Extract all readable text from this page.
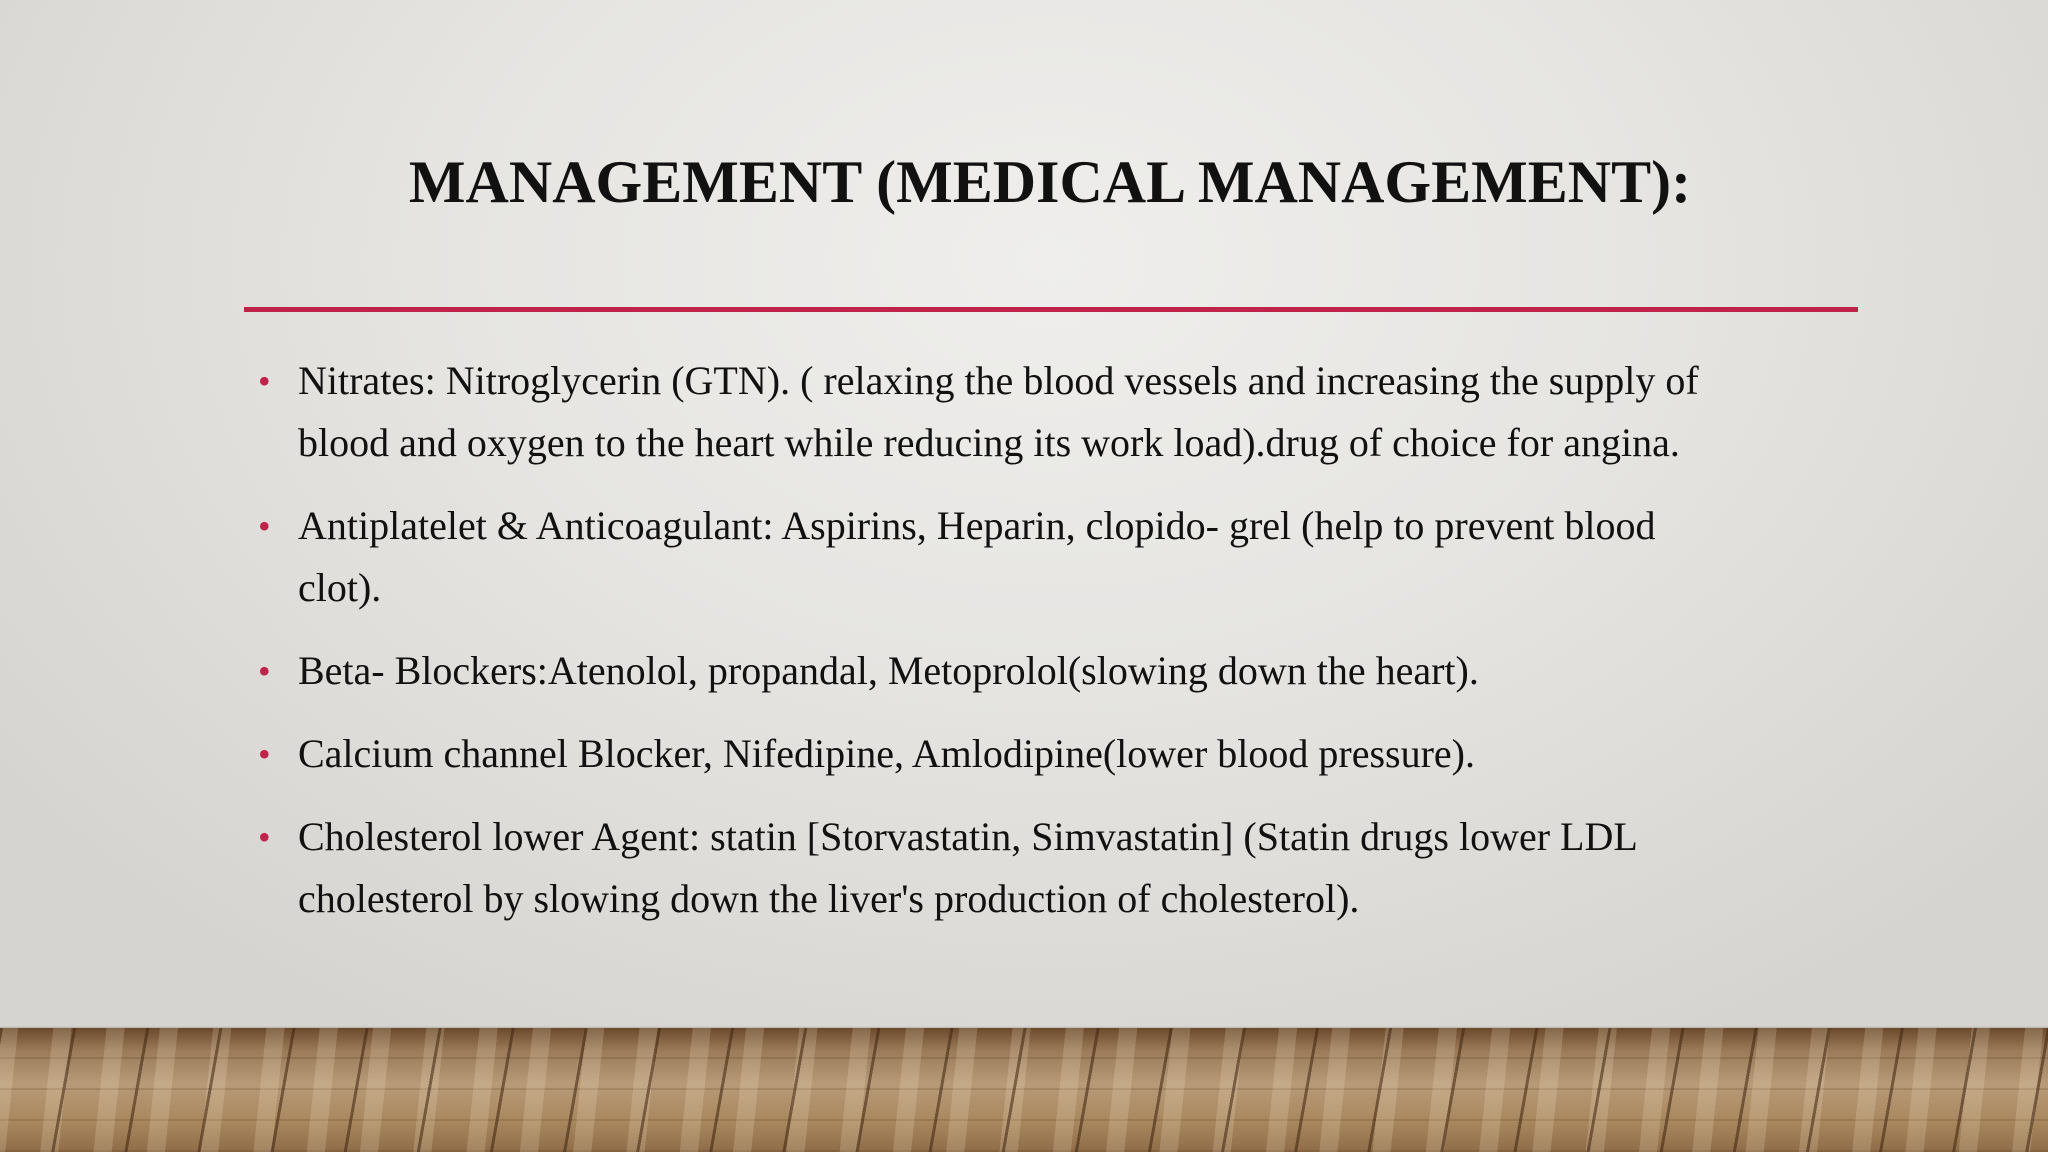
MANAGEMENT (MEDICAL MANAGEMENT):
• Nitrates: Nitroglycerin (GTN). ( relaxing the blood vessels and increasing the supply of
blood and oxygen to the heart while reducing its work load).drug of choice for angina.
• Antiplatelet & Anticoagulant: Aspirins, Heparin, clopido- grel (help to prevent blood
clot).
• Beta- Blockers:Atenolol, propandal, Metoprolol(slowing down the heart).
• Calcium channel Blocker, Nifedipine, Amlodipine(lower blood pressure).
• Cholesterol lower Agent: statin [Storvastatin, Simvastatin] (Statin drugs lower LDL
cholesterol by slowing down the liver's production of cholesterol).
